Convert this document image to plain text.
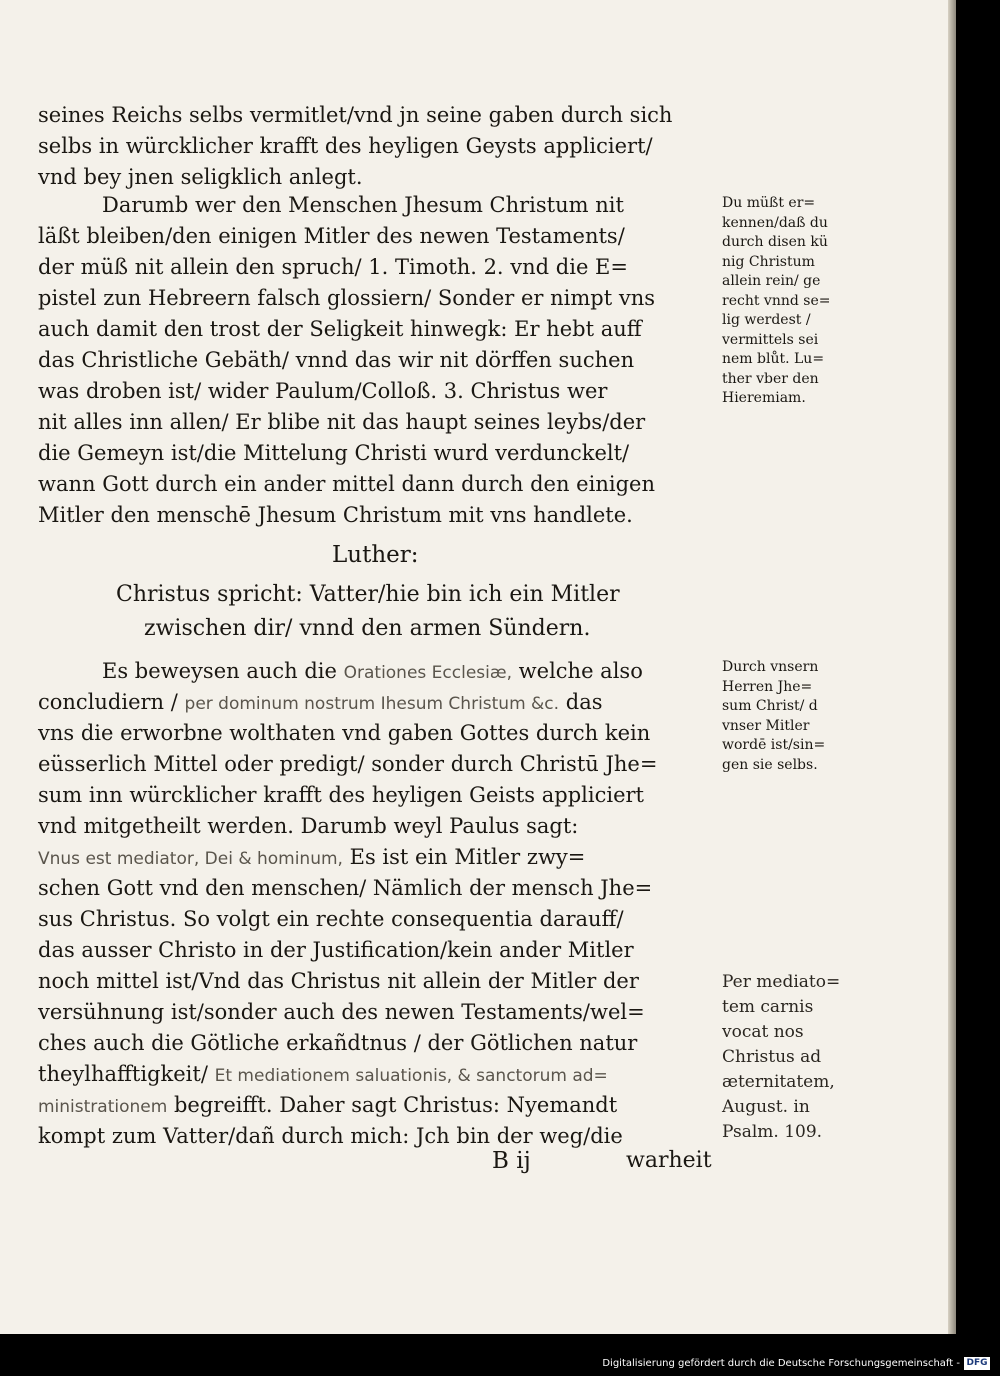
seines Reichs selbs vermitlet/vnd jn seine gaben durch sich
selbs in würcklicher krafft des heyligen Geysts appliciert/
vnd bey jnen seligklich anlegt.
Darumb wer den Menschen Jhesum Christum nit
läßt bleiben/den einigen Mitler des newen Testaments/
der müß nit allein den spruch/ 1. Timoth. 2. vnd die E=
pistel zun Hebreern falsch glossiern/ Sonder er nimpt vns
auch damit den trost der Seligkeit hinwegk: Er hebt auff
das Christliche Gebäth/ vnnd das wir nit dörffen suchen
was droben ist/ wider Paulum/Colloß. 3. Christus wer
nit alles inn allen/ Er blibe nit das haupt seines leybs/der
die Gemeyn ist/die Mittelung Christi wurd verdunckelt/
wann Gott durch ein ander mittel dann durch den einigen
Mitler den menschē Jhesum Christum mit vns handlete.
Luther:
Christus spricht: Vatter/hie bin ich ein Mitler
zwischen dir/ vnnd den armen Sündern.
Es beweysen auch die Orationes Ecclesiæ, welche also
concludiern / per dominum nostrum Ihesum Christum &c. das
vns die erworbne wolthaten vnd gaben Gottes durch kein
eüsserlich Mittel oder predigt/ sonder durch Christū Jhe=
sum inn würcklicher krafft des heyligen Geists appliciert
vnd mitgetheilt werden. Darumb weyl Paulus sagt:
Vnus est mediator, Dei & hominum, Es ist ein Mitler zwy=
schen Gott vnd den menschen/ Nämlich der mensch Jhe=
sus Christus. So volgt ein rechte consequentia darauff/
das ausser Christo in der Justification/kein ander Mitler
noch mittel ist/Vnd das Christus nit allein der Mitler der
versühnung ist/sonder auch des newen Testaments/wel=
ches auch die Götliche erkañdtnus / der Götlichen natur
theylhafftigkeit/ Et mediationem saluationis, & sanctorum ad=
ministrationem begreifft. Daher sagt Christus: Nyemandt
kompt zum Vatter/dañ durch mich: Jch bin der weg/die
B ij	warheit
Du müßt er=
kennen/daß du
durch disen kü
nig Christum
allein rein/ ge
recht vnnd se=
lig werdest /
vermittels sei
nem blůt. Lu=
ther vber den
Hieremiam.
Durch vnsern
Herren Jhe=
sum Christ/ d
vnser Mitler
wordē ist/sin=
gen sie selbs.
Per mediato=
tem carnis
vocat nos
Christus ad
æternitatem,
August. in
Psalm. 109.
Digitalisierung gefördert durch die Deutsche Forschungsgemeinschaft - DFG
